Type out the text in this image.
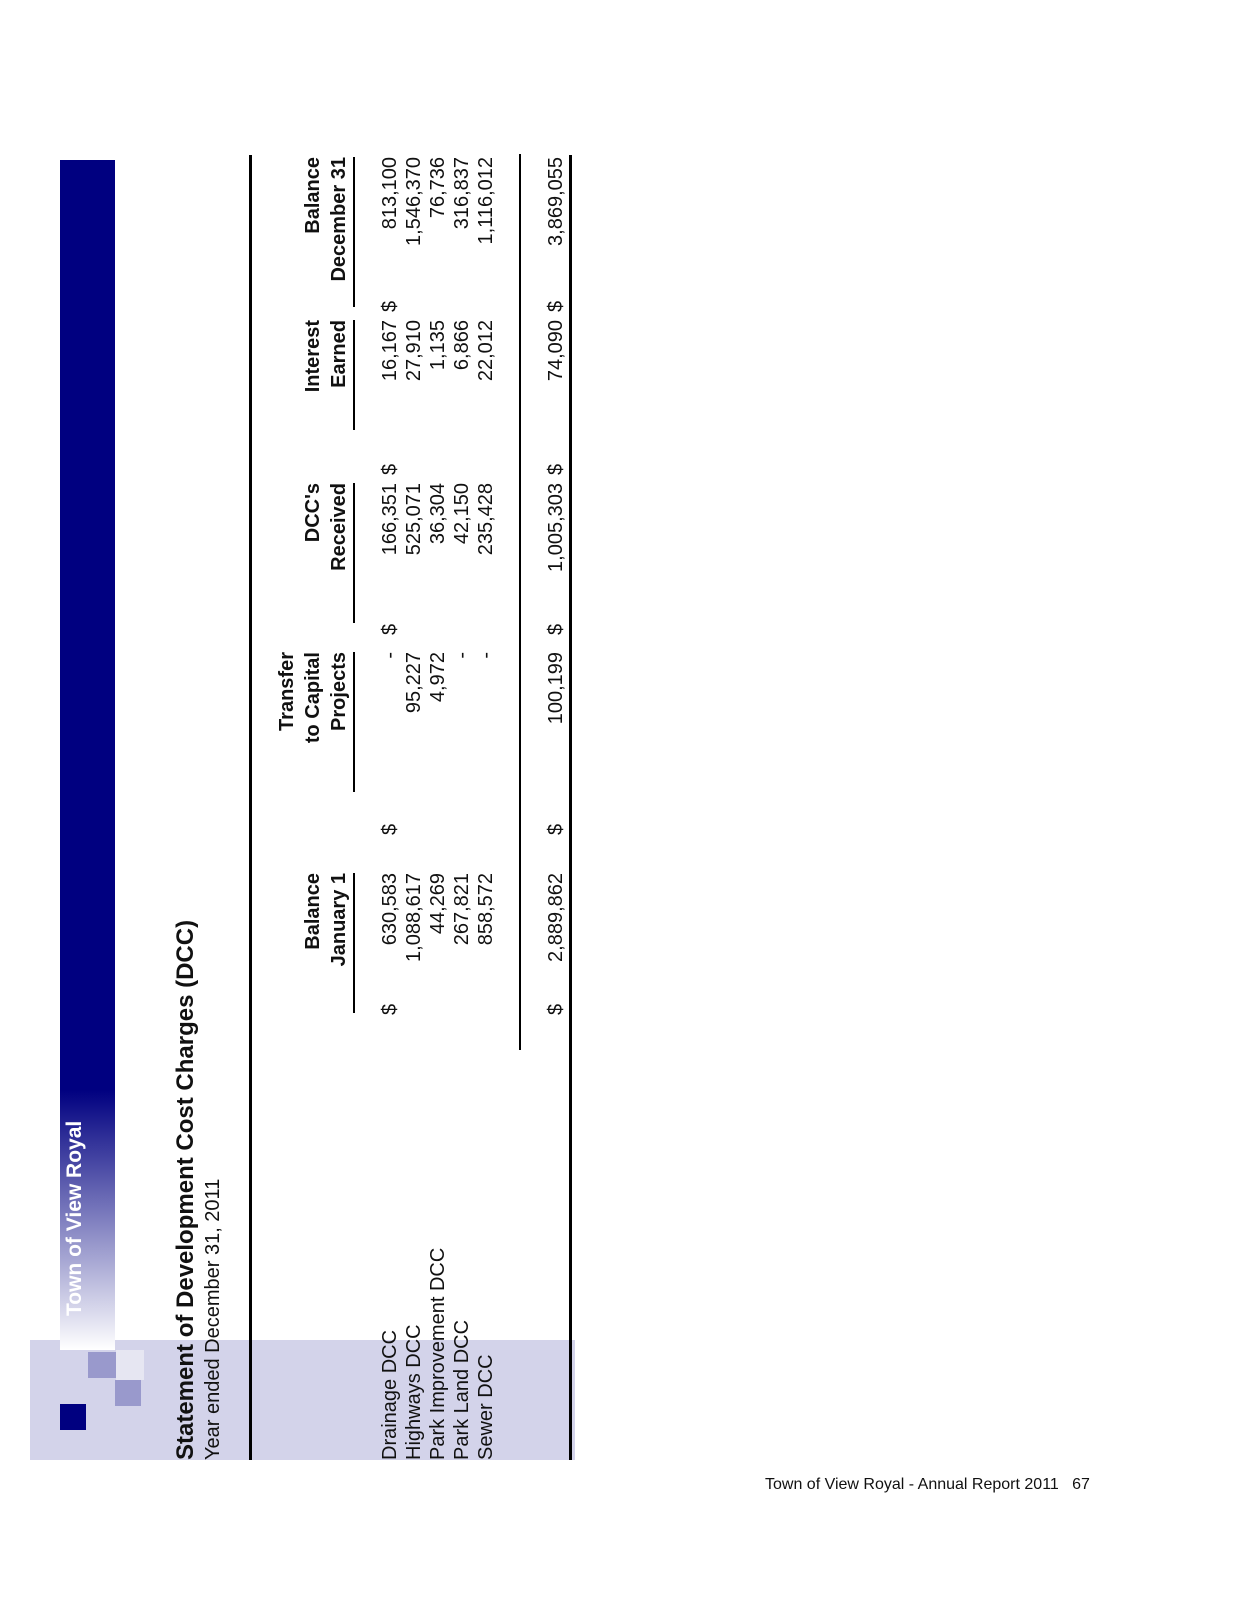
Town of View Royal	Statement of Development Cost Charges (DCC) Year ended December 31, 2011
Balance January 1
Transfer to Capital Projects
DCC's Received
Interest Earned
Balance December 31
Drainage DCC
630,583
-
166,351
16,167
813,100
$
$
$
$
$
Highways DCC
1,088,617
95,227
525,071
27,910
1,546,370
Park Improvement DCC
44,269
4,972
36,304
1,135
76,736
Park Land DCC
267,821
-
42,150
6,866
316,837
Sewer DCC
858,572
-
235,428
22,012
1,116,012
$
2,889,862
$
100,199
$
1,005,303
$
74,090
$
3,869,055
Town of View Royal - Annual Report 2011 67
